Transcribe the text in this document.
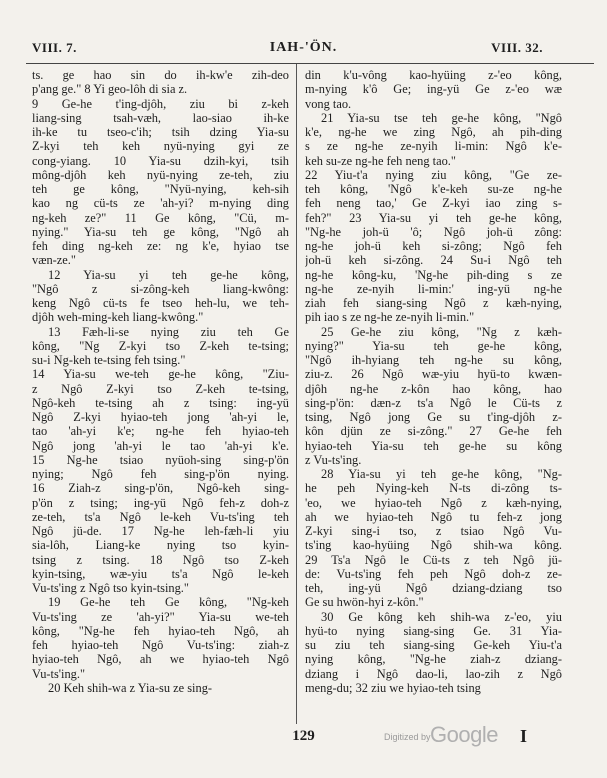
VIII. 7.	IAH-'ÖN.	VIII. 32.
ts. ge hao sin do ih-kw'e zih-deo
p'ang ge." 8 Yi geo-lôh di sia z.
9 Ge-he t'ing-djôh, ziu bi z-keh
liang-sing tsah-væh, lao-siao ih-ke
ih-ke tu tseo-c'ih; tsih dzing Yia-su
Z-kyi teh keh nyü-nying gyi ze
cong-yiang. 10 Yia-su dzih-kyi, tsih
mông-djôh keh nyü-nying ze-teh, ziu
teh ge kông, "Nyü-nying, keh-sih
kao ng cü-ts ze 'ah-yi? m-nying ding
ng-keh ze?" 11 Ge kông, "Cü, m-
nying." Yia-su teh ge kông, "Ngô ah
feh ding ng-keh ze: ng k'e, hyiao tse
væn-ze."
12 Yia-su yi teh ge-he kông,
"Ngô z si-zông-keh liang-kwông:
keng Ngô cü-ts fe tseo heh-lu, we teh-
djôh weh-ming-keh liang-kwông."
13 Fæh-li-se nying ziu teh Ge
kông, "Ng Z-kyi tso Z-keh te-tsing;
su-i Ng-keh te-tsing feh tsing."
14 Yia-su we-teh ge-he kông, "Ziu-
z Ngô Z-kyi tso Z-keh te-tsing,
Ngô-keh te-tsing ah z tsing: ing-yü
Ngô Z-kyi hyiao-teh jong 'ah-yi le,
tao 'ah-yi k'e; ng-he feh hyiao-teh
Ngô jong 'ah-yi le tao 'ah-yi k'e.
15 Ng-he tsiao nyüoh-sing sing-p'ön
nying; Ngô feh sing-p'ön nying.
16 Ziah-z sing-p'ön, Ngô-keh sing-
p'ön z tsing; ing-yü Ngô feh-z doh-z
ze-teh, ts'a Ngô le-keh Vu-ts'ing teh
Ngô jü-de. 17 Ng-he leh-fæh-li yiu
sia-lôh, Liang-ke nying tso kyin-
tsing z tsing. 18 Ngô tso Z-keh
kyin-tsing, wæ-yiu ts'a Ngô le-keh
Vu-ts'ing z Ngô tso kyin-tsing."
19 Ge-he teh Ge kông, "Ng-keh
Vu-ts'ing ze 'ah-yi?" Yia-su we-teh
kông, "Ng-he feh hyiao-teh Ngô, ah
feh hyiao-teh Ngô Vu-ts'ing: ziah-z
hyiao-teh Ngô, ah we hyiao-teh Ngô
Vu-ts'ing."
20 Keh shih-wa z Yia-su ze sing-
din k'u-vông kao-hyüing z-'eo kông,
m-nying k'ô Ge; ing-yü Ge z-'eo wæ
vong tao.
21 Yia-su tse teh ge-he kông, "Ngô
k'e, ng-he we zing Ngô, ah pih-ding
s ze ng-he ze-nyih li-min: Ngô k'e-
keh su-ze ng-he feh neng tao."
22 Yiu-t'a nying ziu kông, "Ge ze-
teh kông, 'Ngô k'e-keh su-ze ng-he
feh neng tao,' Ge Z-kyi iao zing s-
feh?" 23 Yia-su yi teh ge-he kông,
"Ng-he joh-ü 'ô; Ngô joh-ü zông:
ng-he joh-ü keh si-zông; Ngô feh
joh-ü keh si-zông. 24 Su-i Ngô teh
ng-he kông-ku, 'Ng-he pih-ding s ze
ng-he ze-nyih li-min:' ing-yü ng-he
ziah feh siang-sing Ngô z kæh-nying,
pih iao s ze ng-he ze-nyih li-min."
25 Ge-he ziu kông, "Ng z kæh-
nying?" Yia-su teh ge-he kông,
"Ngô ih-hyiang teh ng-he su kông,
ziu-z. 26 Ngô wæ-yiu hyü-to kwæn-
djôh ng-he z-kôn hao kông, hao
sing-p'ön: dæn-z ts'a Ngô le Cü-ts z
tsing, Ngô jong Ge su t'ing-djôh z-
kôn djün ze si-zông." 27 Ge-he feh
hyiao-teh Yia-su teh ge-he su kông
z Vu-ts'ing.
28 Yia-su yi teh ge-he kông, "Ng-
he peh Nying-keh N-ts di-zông ts-
'eo, we hyiao-teh Ngô z kæh-nying,
ah we hyiao-teh Ngô tu feh-z jong
Z-kyi sing-i tso, z tsiao Ngô Vu-
ts'ing kao-hyüing Ngô shih-wa kông.
29 Ts'a Ngô le Cü-ts z teh Ngô jü-
de: Vu-ts'ing feh peh Ngô doh-z ze-
teh, ing-yü Ngô dziang-dziang tso
Ge su hwön-hyi z-kôn."
30 Ge kông keh shih-wa z-'eo, yiu
hyü-to nying siang-sing Ge. 31 Yia-
su ziu teh siang-sing Ge-keh Yiu-t'a
nying kông, "Ng-he ziah-z dziang-
dziang i Ngô dao-li, lao-zih z Ngô
meng-du; 32 ziu we hyiao-teh tsing
129	I
Digitized by Google
